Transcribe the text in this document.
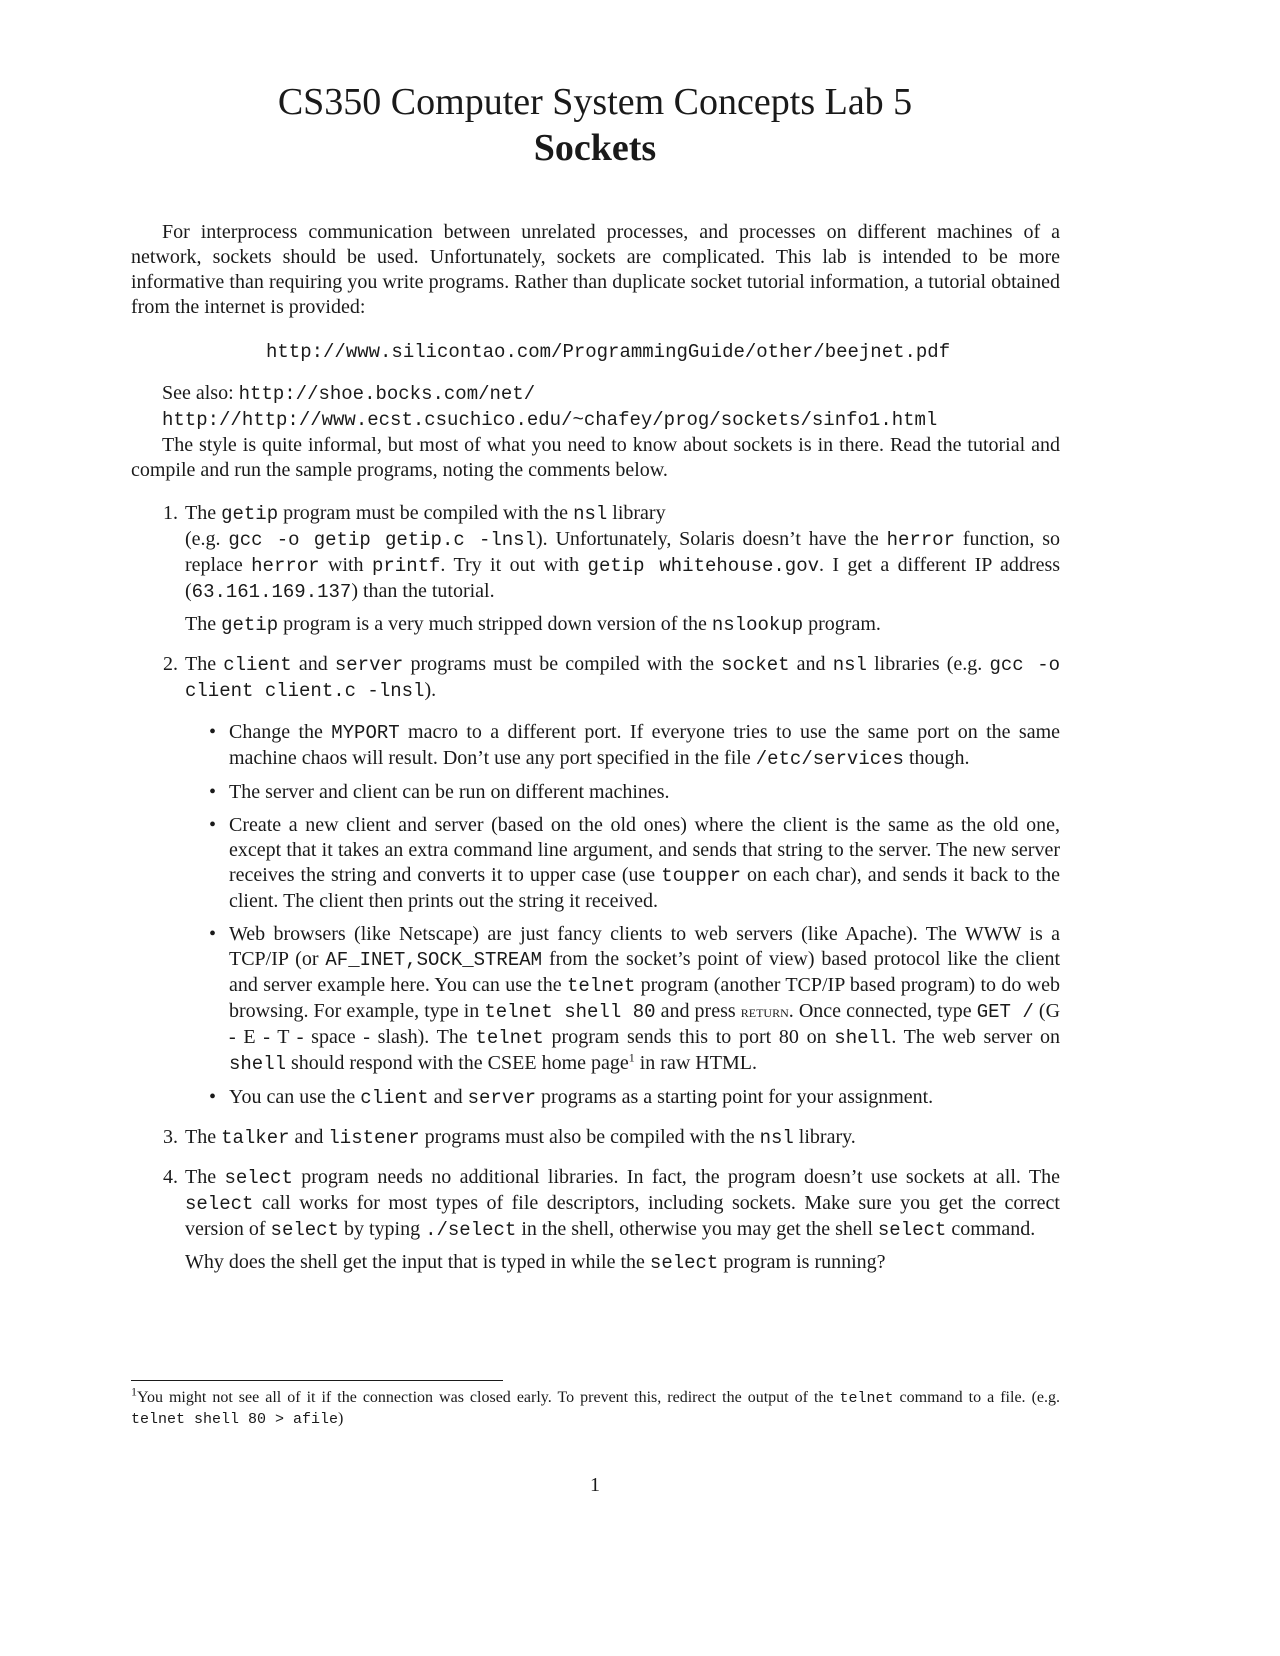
CS350 Computer System Concepts Lab 5
Sockets

For interprocess communication between unrelated processes, and processes on different machines of a network, sockets should be used. Unfortunately, sockets are complicated. This lab is intended to be more informative than requiring you write programs. Rather than duplicate socket tutorial information, a tutorial obtained from the internet is provided:

http://www.silicontao.com/ProgrammingGuide/other/beejnet.pdf

See also: http://shoe.bocks.com/net/

http://http://www.ecst.csuchico.edu/~chafey/prog/sockets/sinfo1.html

The style is quite informal, but most of what you need to know about sockets is in there. Read the tutorial and compile and run the sample programs, noting the comments below.

1. The getip program must be compiled with the nsl library
(e.g. gcc -o getip getip.c -lnsl). Unfortunately, Solaris doesn’t have the herror function, so replace herror with printf. Try it out with getip whitehouse.gov. I get a different IP address (63.161.169.137) than the tutorial.

The getip program is a very much stripped down version of the nslookup program.

2. The client and server programs must be compiled with the socket and nsl libraries (e.g. gcc -o client client.c -lnsl).

• Change the MYPORT macro to a different port. If everyone tries to use the same port on the same machine chaos will result. Don’t use any port specified in the file /etc/services though.
• The server and client can be run on different machines.
• Create a new client and server (based on the old ones) where the client is the same as the old one, except that it takes an extra command line argument, and sends that string to the server. The new server receives the string and converts it to upper case (use toupper on each char), and sends it back to the client. The client then prints out the string it received.
• Web browsers (like Netscape) are just fancy clients to web servers (like Apache). The WWW is a TCP/IP (or AF_INET,SOCK_STREAM from the socket’s point of view) based protocol like the client and server example here. You can use the telnet program (another TCP/IP based program) to do web browsing. For example, type in telnet shell 80 and press return. Once connected, type GET / (G - E - T - space - slash). The telnet program sends this to port 80 on shell. The web server on shell should respond with the CSEE home page$^1$ in raw HTML.
• You can use the client and server programs as a starting point for your assignment.

3. The talker and listener programs must also be compiled with the nsl library.

4. The select program needs no additional libraries. In fact, the program doesn’t use sockets at all. The select call works for most types of file descriptors, including sockets. Make sure you get the correct version of select by typing ./select in the shell, otherwise you may get the shell select command.

Why does the shell get the input that is typed in while the select program is running?

$^1$You might not see all of it if the connection was closed early. To prevent this, redirect the output of the telnet command to a file. (e.g. telnet shell 80 > afile)
1
